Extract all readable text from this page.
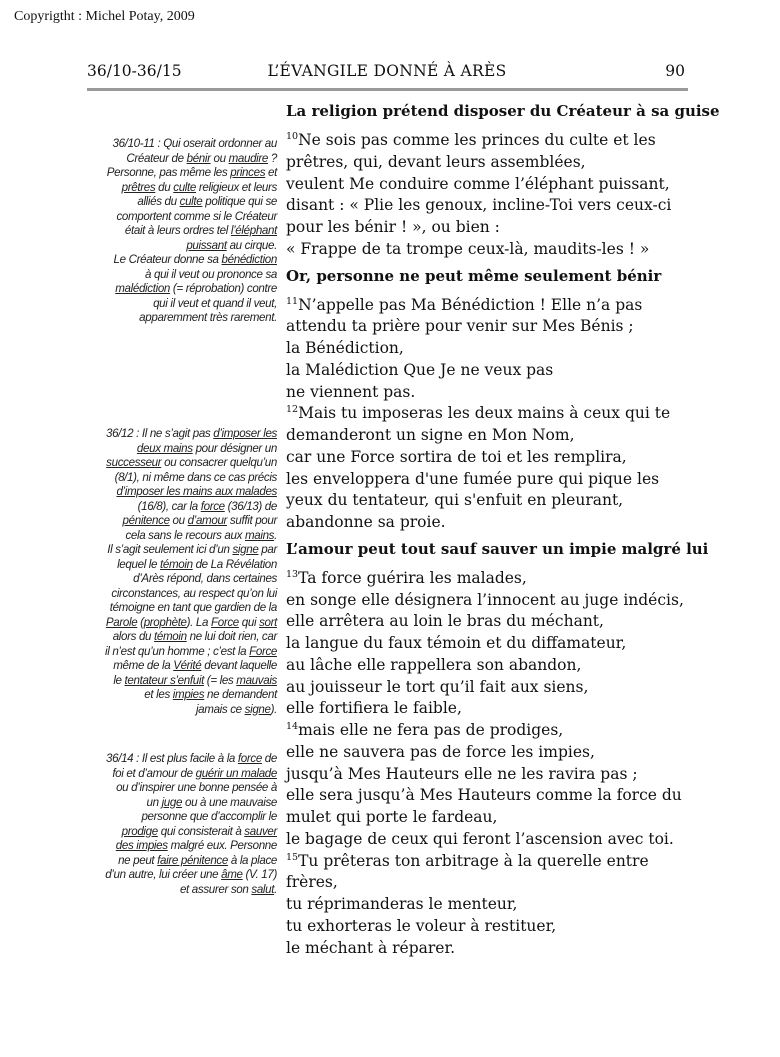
Copyrigtht : Michel Potay, 2009
36/10-36/15	L’ÉVANGILE DONNÉ À ARÈS	90
La religion prétend disposer du Créateur à sa guise
$^{10}$Ne sois pas comme les princes du culte et les
prêtres, qui, devant leurs assemblées,
veulent Me conduire comme l’éléphant puissant,
disant : « Plie les genoux, incline-Toi vers ceux-ci
pour les bénir ! », ou bien :
« Frappe de ta trompe ceux-là, maudits-les ! »
Or, personne ne peut même seulement bénir
$^{11}$N’appelle pas Ma Bénédiction ! Elle n’a pas
attendu ta prière pour venir sur Mes Bénis ;
la Bénédiction,
la Malédiction Que Je ne veux pas
ne viennent pas.
$^{12}$Mais tu imposeras les deux mains à ceux qui te
demanderont un signe en Mon Nom,
car une Force sortira de toi et les remplira,
les enveloppera d'une fumée pure qui pique les
yeux du tentateur, qui s'enfuit en pleurant,
abandonne sa proie.
L’amour peut tout sauf sauver un impie malgré lui
$^{13}$Ta force guérira les malades,
en songe elle désignera l’innocent au juge indécis,
elle arrêtera au loin le bras du méchant,
la langue du faux témoin et du diffamateur,
au lâche elle rappellera son abandon,
au jouisseur le tort qu’il fait aux siens,
elle fortifiera le faible,
$^{14}$mais elle ne fera pas de prodiges,
elle ne sauvera pas de force les impies,
jusqu’à Mes Hauteurs elle ne les ravira pas ;
elle sera jusqu’à Mes Hauteurs comme la force du
mulet qui porte le fardeau,
le bagage de ceux qui feront l’ascension avec toi.
$^{15}$Tu prêteras ton arbitrage à la querelle entre
frères,
tu réprimanderas le menteur,
tu exhorteras le voleur à restituer,
le méchant à réparer.
36/10-11 : Qui oserait ordonner au
Créateur de bénir ou maudire ?
Personne, pas même les princes et
prêtres du culte religieux et leurs
alliés du culte politique qui se
comportent comme si le Créateur
était à leurs ordres tel l’éléphant
puissant au cirque.
Le Créateur donne sa bénédiction
à qui il veut ou prononce sa
malédiction (= réprobation) contre
qui il veut et quand il veut,
apparemment très rarement.
36/12 : Il ne s’agit pas d’imposer les
deux mains pour désigner un
successeur ou consacrer quelqu’un
(8/1), ni même dans ce cas précis
d’imposer les mains aux malades
(16/8), car la force (36/13) de
pénitence ou d’amour suffit pour
cela sans le recours aux mains.
Il s’agit seulement ici d’un signe par
lequel le témoin de La Révélation
d’Arès répond, dans certaines
circonstances, au respect qu’on lui
témoigne en tant que gardien de la
Parole (prophète). La Force qui sort
alors du témoin ne lui doit rien, car
il n’est qu’un homme ; c’est la Force
même de la Vérité devant laquelle
le tentateur s’enfuit (= les mauvais
et les impies ne demandent
jamais ce signe).
36/14 : Il est plus facile à la force de
foi et d’amour de guérir un malade
ou d’inspirer une bonne pensée à
un juge ou à une mauvaise
personne que d’accomplir le
prodige qui consisterait à sauver
des impies malgré eux. Personne
ne peut faire pénitence à la place
d’un autre, lui créer une âme (V. 17)
et assurer son salut.
